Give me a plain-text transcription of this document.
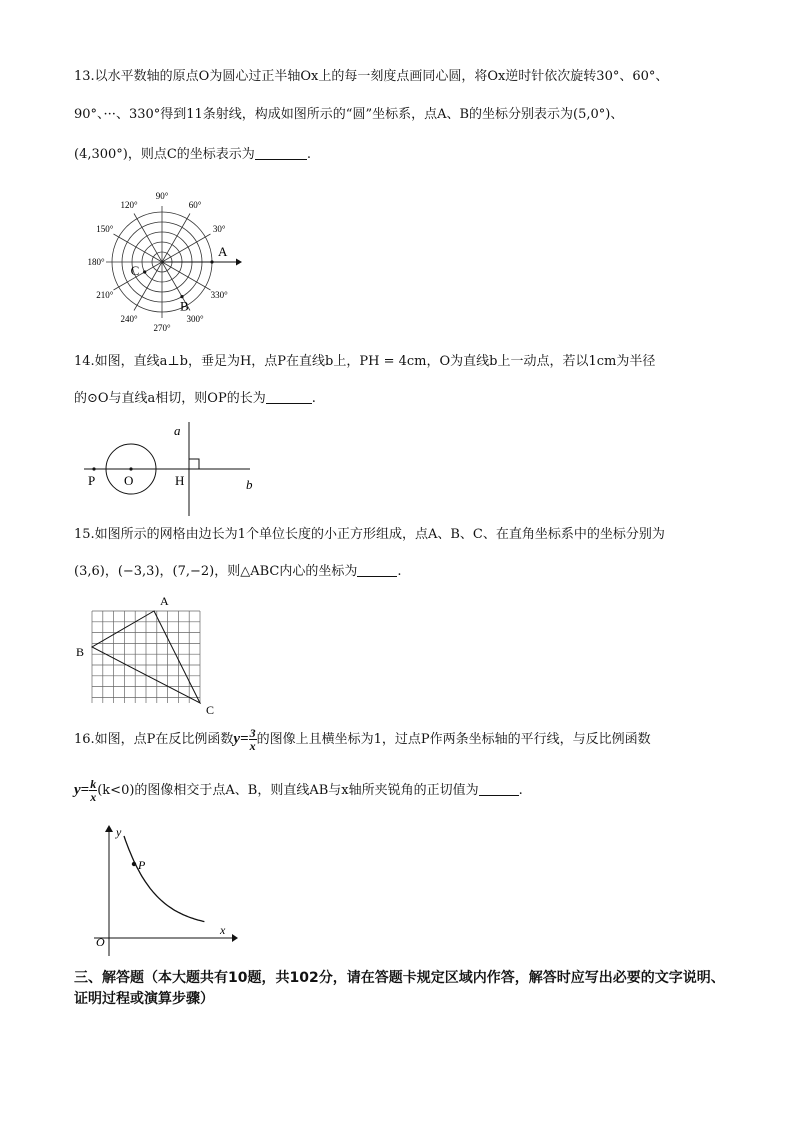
13.以水平数轴的原点O为圆心过正半轴Ox上的每一刻度点画同心圆，将Ox逆时针依次旋转30°、60°、
90°、···、330°得到11条射线，构成如图所示的“圆”坐标系，点A、B的坐标分别表示为(5,0°)、
(4,300°)，则点C的坐标表示为	.
90°
60°
30°
330°
300°
270°
240°
210°
180°
150°
120°
A
B
C
14.如图，直线a⊥b，垂足为H，点P在直线b上，PH = 4cm，O为直线b上一动点，若以1cm为半径
的⊙O与直线a相切，则OP的长为	.
a
b
P O	H
15.如图所示的网格由边长为1个单位长度的小正方形组成，点A、B、C、在直角坐标系中的坐标分别为
(3,6)，(−3,3)，(7,−2)，则△ABC内心的坐标为	.
A
B
C
16.如图，点P在反比例函数$y= \frac{3}{x}$ 的图像上且横坐标为1，过点P作两条坐标轴的平行线，与反比例函数
$y= \frac{k}{x} (k<0)$的图像相交于点A、B，则直线AB与x轴所夹锐角的正切值为	.
y
x
O
P
三、解答题（本大题共有10题，共102分，请在答题卡规定区域内作答，解答时应写出必要的文字说明、证明过程或演算步骤）
